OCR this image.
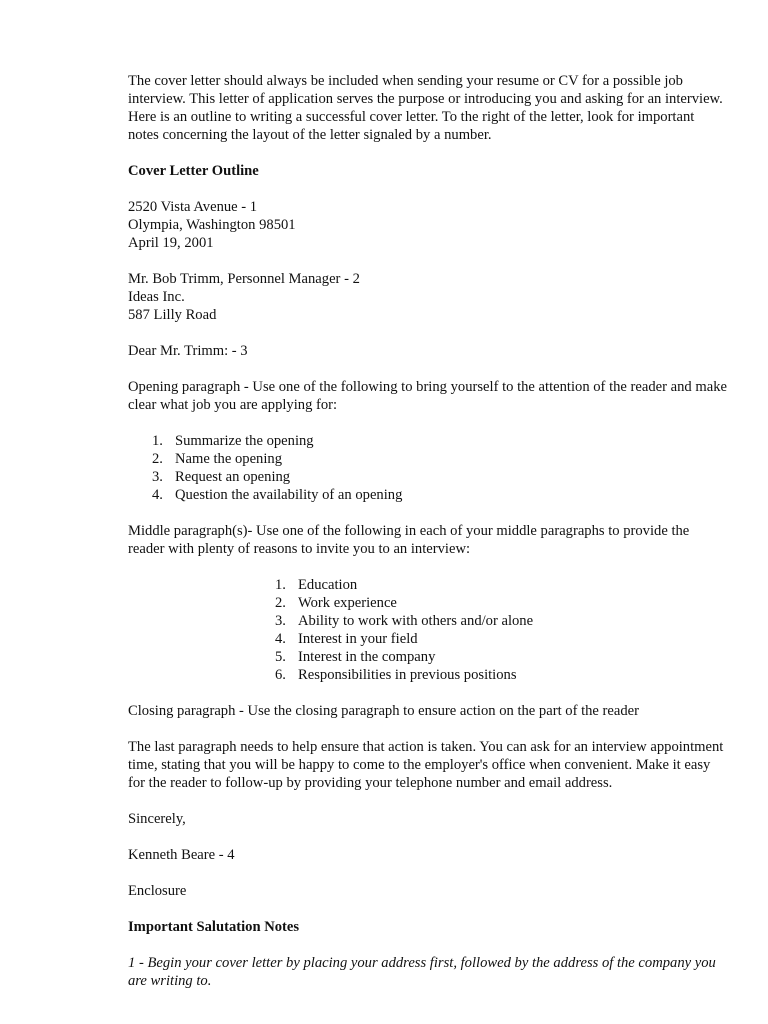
The cover letter should always be included when sending your resume or CV for a possible job interview. This letter of application serves the purpose or introducing you and asking for an interview. Here is an outline to writing a successful cover letter. To the right of the letter, look for important notes concerning the layout of the letter signaled by a number.

Cover Letter Outline

2520 Vista Avenue - 1
Olympia, Washington 98501
April 19, 2001
Mr. Bob Trimm, Personnel Manager - 2
Ideas Inc.
587 Lilly Road

Dear Mr. Trimm: - 3

Opening paragraph - Use one of the following to bring yourself to the attention of the reader and make clear what job you are applying for:

1. Summarize the opening
2. Name the opening
3. Request an opening
4. Question the availability of an opening

Middle paragraph(s)- Use one of the following in each of your middle paragraphs to provide the reader with plenty of reasons to invite you to an interview:

1. Education
2. Work experience
3. Ability to work with others and/or alone
4. Interest in your field
5. Interest in the company
6. Responsibilities in previous positions

Closing paragraph - Use the closing paragraph to ensure action on the part of the reader

The last paragraph needs to help ensure that action is taken. You can ask for an interview appointment time, stating that you will be happy to come to the employer's office when convenient. Make it easy for the reader to follow-up by providing your telephone number and email address.

Sincerely,

Kenneth Beare - 4

Enclosure

Important Salutation Notes

1 - Begin your cover letter by placing your address first, followed by the address of the company you are writing to.
